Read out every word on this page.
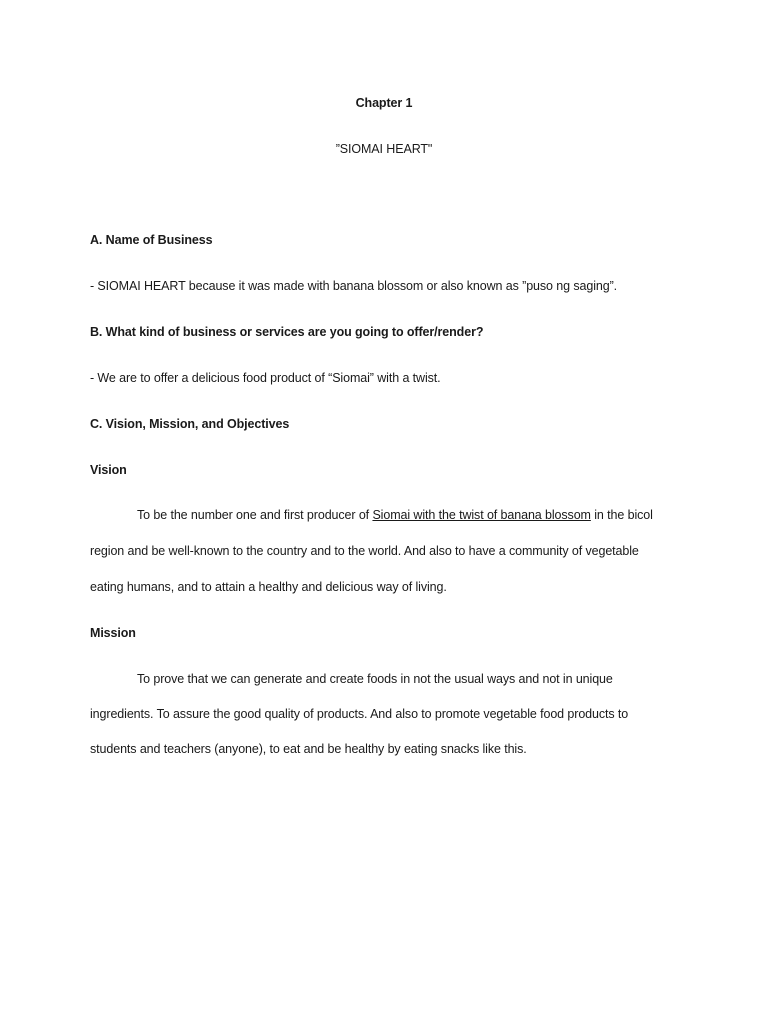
Chapter 1
”SIOMAI HEART"
A. Name of Business
- SIOMAI HEART because it was made with banana blossom or also known as ”puso ng saging”.
B. What kind of business or services are you going to offer/render?
- We are to offer a delicious food product of “Siomai” with a twist.
C. Vision, Mission, and Objectives
Vision
To be the number one and first producer of Siomai with the twist of banana blossom in the bicol
region and be well-known to the country and to the world. And also to have a community of vegetable
eating humans, and to attain a healthy and delicious way of living.
Mission
To prove that we can generate and create foods in not the usual ways and not in unique
ingredients. To assure the good quality of products. And also to promote vegetable food products to
students and teachers (anyone), to eat and be healthy by eating snacks like this.
